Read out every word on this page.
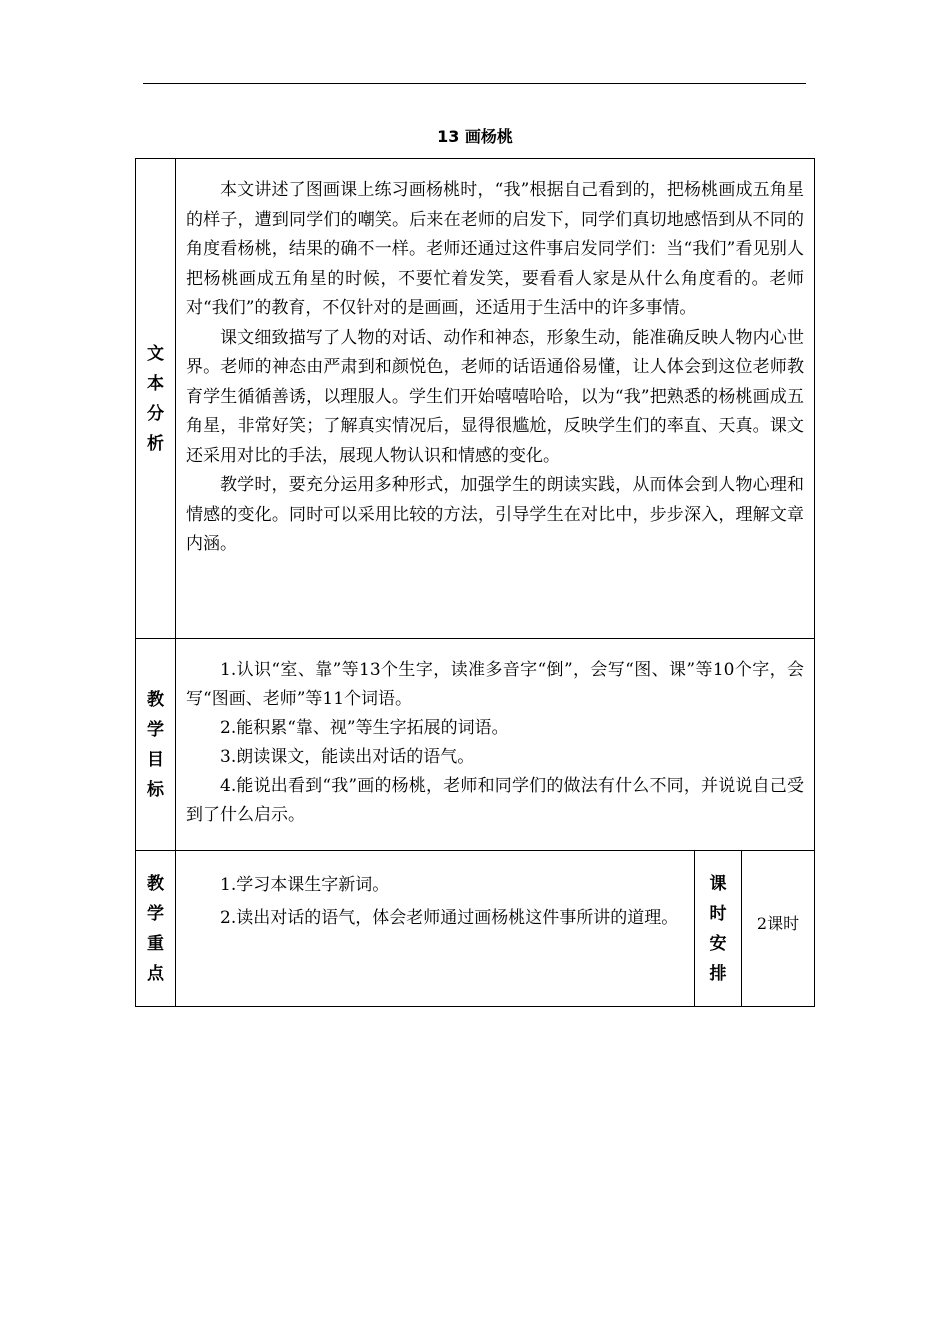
13 画杨桃
文本分析

本文讲述了图画课上练习画杨桃时，“我”根据自己看到的，把杨桃画成五角星的样子，遭到同学们的嘲笑。后来在老师的启发下，同学们真切地感悟到从不同的角度看杨桃，结果的确不一样。老师还通过这件事启发同学们：当“我们”看见别人把杨桃画成五角星的时候，不要忙着发笑，要看看人家是从什么角度看的。老师对“我们”的教育，不仅针对的是画画，还适用于生活中的许多事情。

课文细致描写了人物的对话、动作和神态，形象生动，能准确反映人物内心世界。老师的神态由严肃到和颜悦色，老师的话语通俗易懂，让人体会到这位老师教育学生循循善诱，以理服人。学生们开始嘻嘻哈哈，以为“我”把熟悉的杨桃画成五角星，非常好笑；了解真实情况后，显得很尴尬，反映学生们的率直、天真。课文还采用对比的手法，展现人物认识和情感的变化。

教学时，要充分运用多种形式，加强学生的朗读实践，从而体会到人物心理和情感的变化。同时可以采用比较的方法，引导学生在对比中，步步深入，理解文章内涵。

教学目标

1.认识“室、靠”等13个生字，读准多音字“倒”，会写“图、课”等10个字，会写“图画、老师”等11个词语。

2.能积累“靠、视”等生字拓展的词语。

3.朗读课文，能读出对话的语气。

4.能说出看到“我”画的杨桃，老师和同学们的做法有什么不同，并说说自己受到了什么启示。

教学重点

1.学习本课生字新词。

2.读出对话的语气，体会老师通过画杨桃这件事所讲的道理。

课时安排
2课时
